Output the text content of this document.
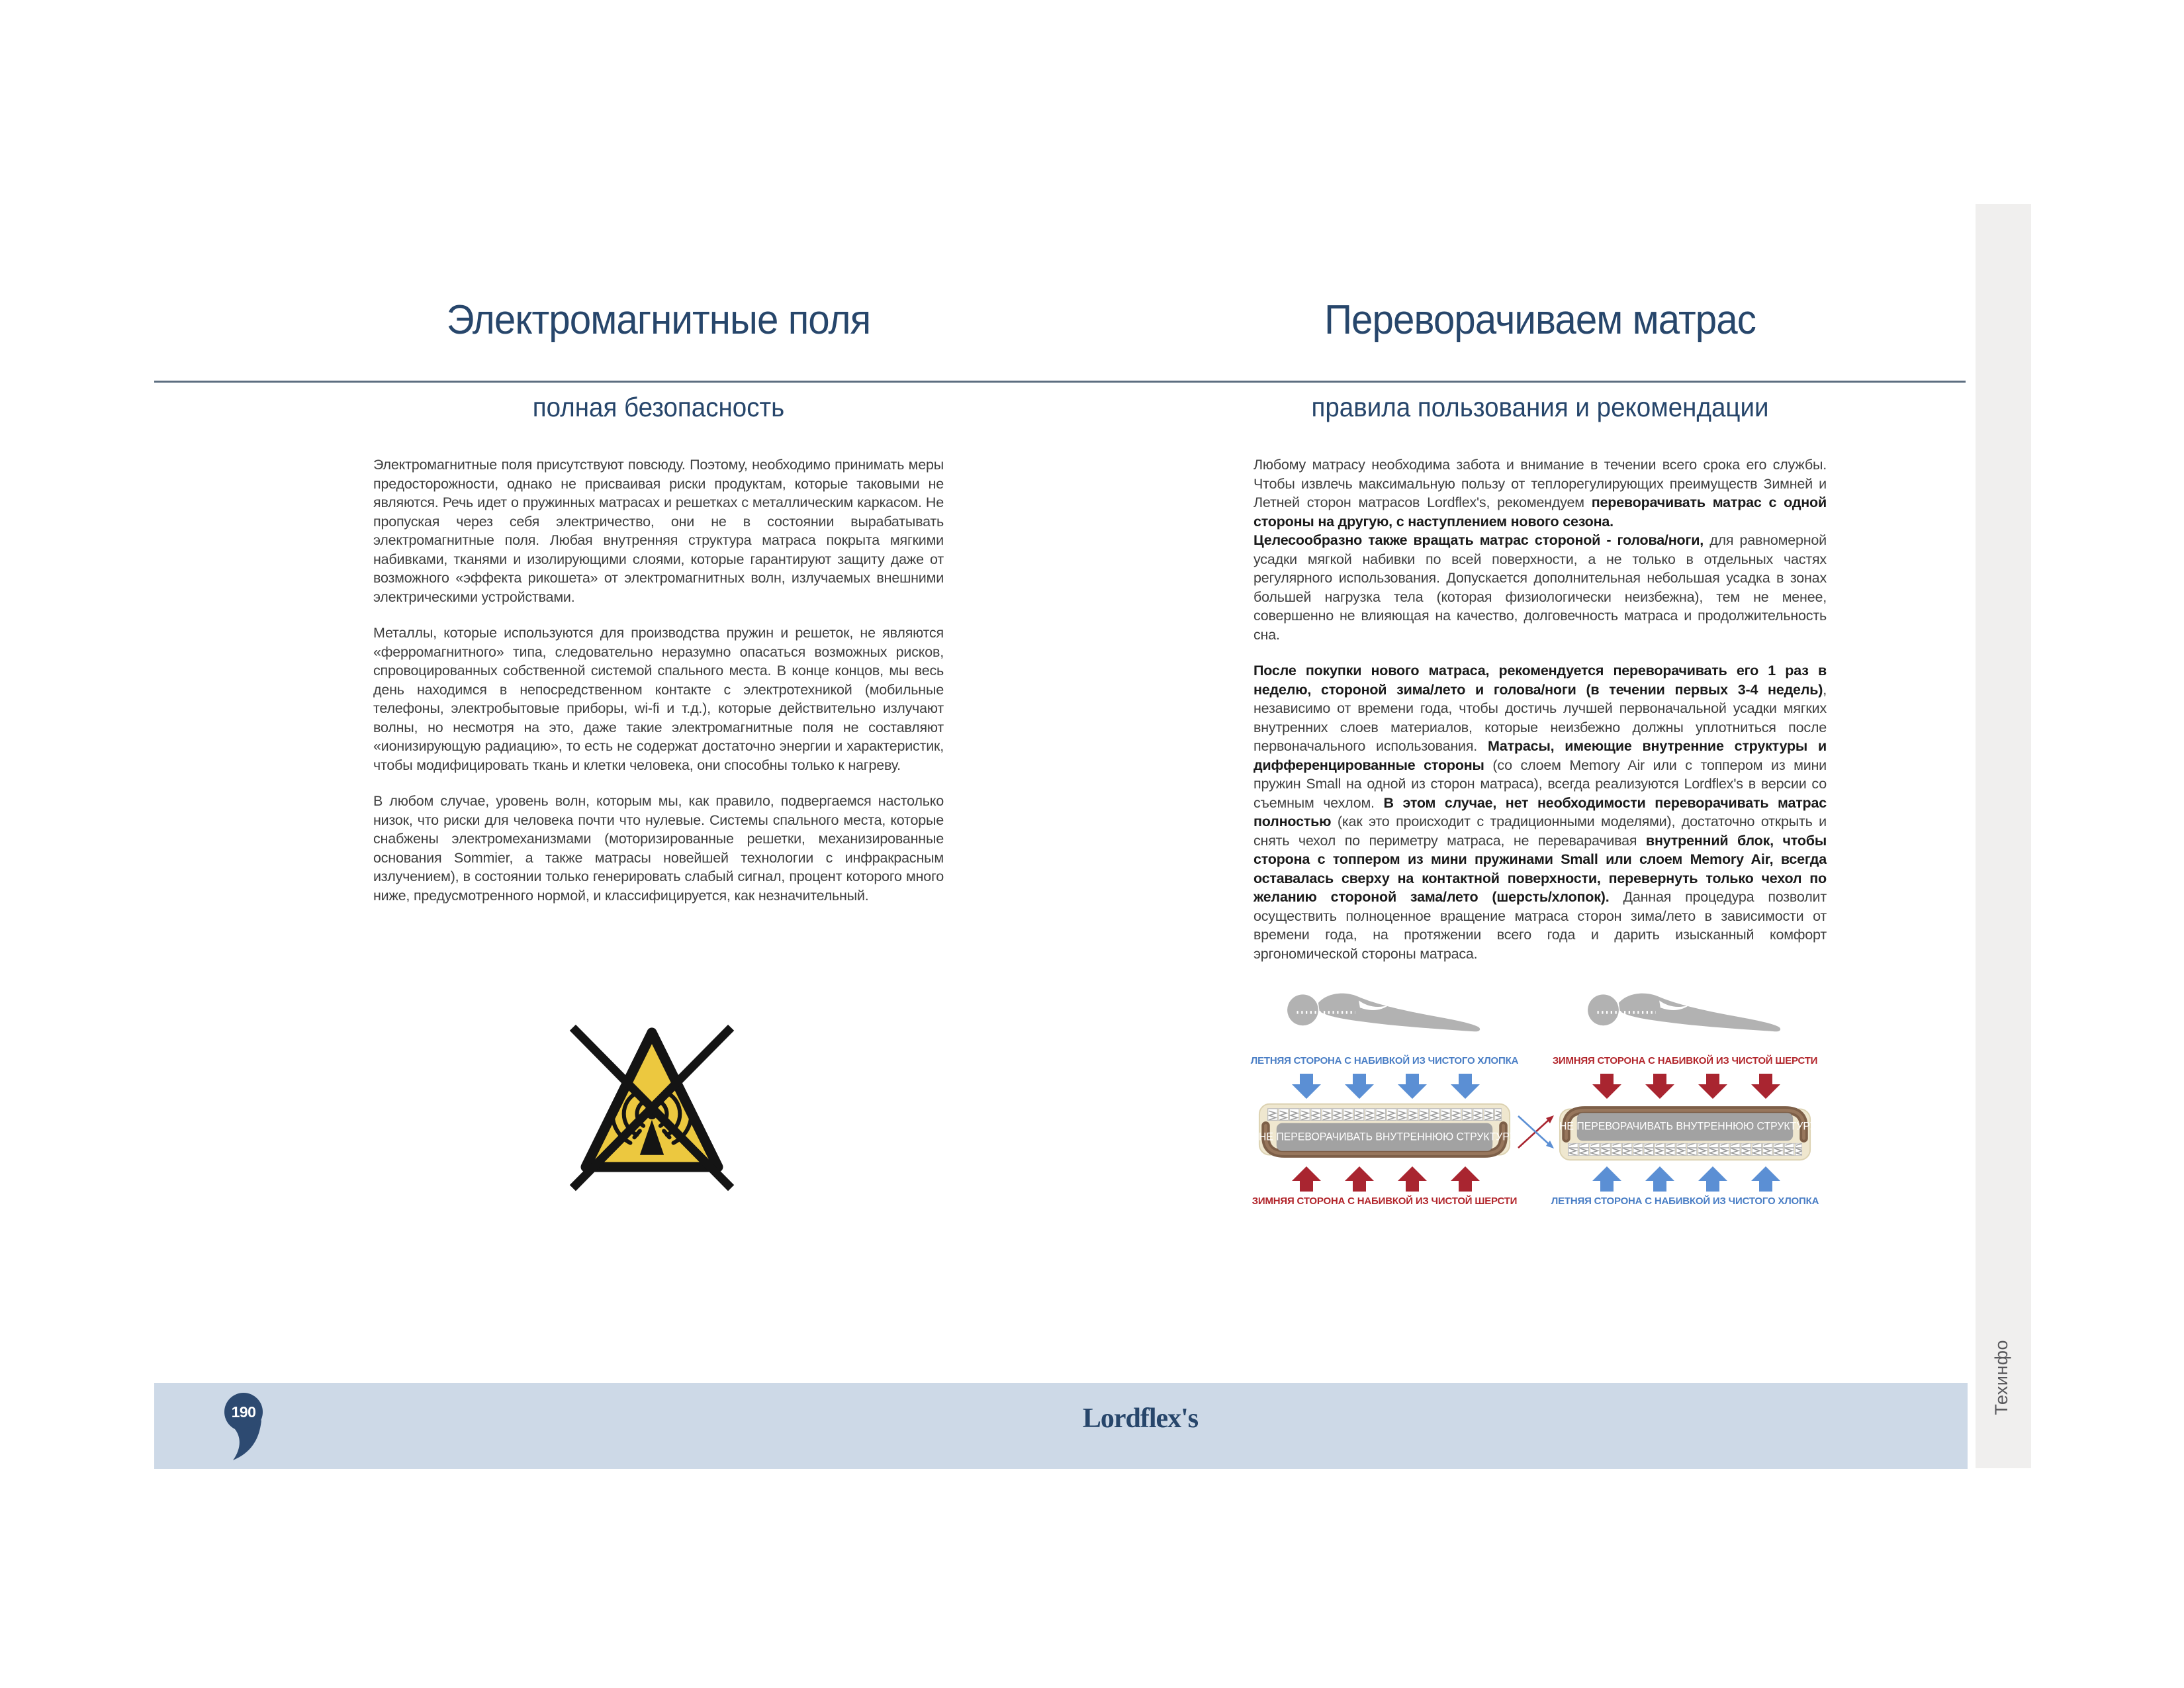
Электромагнитные поля
полная безопасность

Электромагнитные поля присутствуют повсюду. Поэтому, необходимо принимать меры предосторожности, однако не присваивая риски продуктам, которые таковыми не являются. Речь идет о пружинных матрасах и решетках с металлическим каркасом. Не пропуская через себя электричество, они не в состоянии вырабатывать электромагнитные поля. Любая внутренняя структура матраса покрыта мягкими набивками, тканями и изолирующими слоями, которые гарантируют защиту даже от возможного «эффекта рикошета» от электромагнитных волн, излучаемых внешними электрическими устройствами.

Металлы, которые используются для производства пружин и решеток, не являются «ферромагнитного» типа, следовательно неразумно опасаться возможных рисков, спровоцированных собственной системой спального места. В конце концов, мы весь день находимся в непосредственном контакте с электротехникой (мобильные телефоны, электробытовые приборы, wi-fi и т.д.), которые действительно излучают волны, но несмотря на это, даже такие электромагнитные поля не составляют «ионизирующую радиацию», то есть не содержат достаточно энергии и характеристик, чтобы модифицировать ткань и клетки человека, они способны только к нагреву.

В любом случае, уровень волн, которым мы, как правило, подвергаемся настолько низок, что риски для человека почти что нулевые. Системы спального места, которые снабжены электромеханизмами (моторизированные решетки, механизированные основания Sommier, а также матрасы новейшей технологии с инфракрасным излучением), в состоянии только генерировать слабый сигнал, процент которого много ниже, предусмотренного нормой, и классифицируется, как незначительный.

Переворачиваем матрас
правила пользования и рекомендации

Любому матрасу необходима забота и внимание в течении всего срока его службы. Чтобы извлечь максимальную пользу от теплорегулирующих преимуществ Зимней и Летней сторон матрасов Lordflex's, рекомендуем переворачивать матрас с одной стороны на другую, с наступлением нового сезона.

Целесообразно также вращать матрас стороной - голова/ноги, для равномерной усадки мягкой набивки по всей поверхности, а не только в отдельных частях регулярного использования. Допускается дополнительная небольшая усадка в зонах большей нагрузка тела (которая физиологически неизбежна), тем не менее, совершенно не влияющая на качество, долговечность матраса и продолжительность сна.

После покупки нового матраса, рекомендуется переворачивать его 1 раз в неделю, стороной зима/лето и голова/ноги (в течении первых 3-4 недель), независимо от времени года, чтобы достичь лучшей первоначальной усадки мягких внутренних слоев материалов, которые неизбежно должны уплотниться после первоначального использования. Матрасы, имеющие внутренние структуры и дифференцированные стороны (со слоем Memory Air или с топпером из мини пружин Small на одной из сторон матраса), всегда реализуются Lordflex's в версии со съемным чехлом. В этом случае, нет необходимости переворачивать матрас полностью (как это происходит с традиционными моделями), достаточно открыть и снять чехол по периметру матраса, не переварачивая внутренний блок, чтобы сторона с топпером из мини пружинами Small или слоем Memory Air, всегда оставалась сверху на контактной поверхности, перевернуть только чехол по желанию стороной зама/лето (шерсть/хлопок). Данная процедура позволит осуществить полноценное вращение матраса сторон зима/лето в зависимости от времени года, на протяжении всего года и дарить изысканный комфорт эргономической стороны матраса.

ЛЕТНЯЯ СТОРОНА С НАБИВКОЙ ИЗ ЧИСТОГО ХЛОПКА
НЕ ПЕРЕВОРАЧИВАТЬ ВНУТРЕННЮЮ СТРУКТУРУ
ЗИМНЯЯ СТОРОНА С НАБИВКОЙ ИЗ ЧИСТОЙ ШЕРСТИ
ЗИМНЯЯ СТОРОНА С НАБИВКОЙ ИЗ ЧИСТОЙ ШЕРСТИ
НЕ ПЕРЕВОРАЧИВАТЬ ВНУТРЕННЮЮ СТРУКТУРУ
ЛЕТНЯЯ СТОРОНА С НАБИВКОЙ ИЗ ЧИСТОГО ХЛОПКА
190	Lordflex's
Техинфо
